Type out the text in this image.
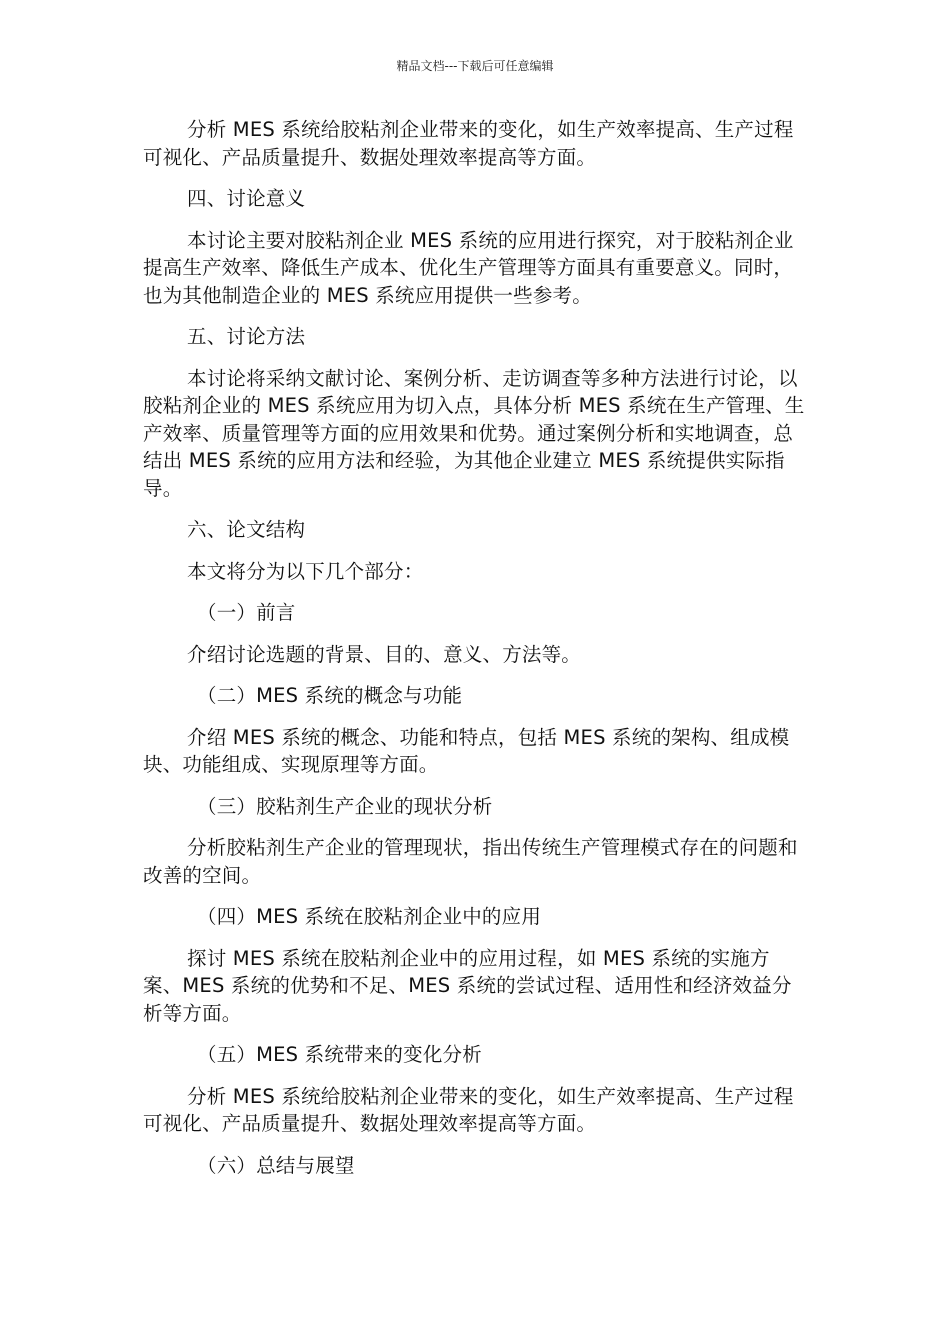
精品文档---下载后可任意编辑

分析 MES 系统给胶粘剂企业带来的变化，如生产效率提高、生产过程可视化、产品质量提升、数据处理效率提高等方面。

四、讨论意义

本讨论主要对胶粘剂企业 MES 系统的应用进行探究，对于胶粘剂企业提高生产效率、降低生产成本、优化生产管理等方面具有重要意义。同时，也为其他制造企业的 MES 系统应用提供一些参考。

五、讨论方法

本讨论将采纳文献讨论、案例分析、走访调查等多种方法进行讨论，以胶粘剂企业的 MES 系统应用为切入点，具体分析 MES 系统在生产管理、生产效率、质量管理等方面的应用效果和优势。通过案例分析和实地调查，总结出 MES 系统的应用方法和经验，为其他企业建立 MES 系统提供实际指导。

六、论文结构

本文将分为以下几个部分：

（一）前言

介绍讨论选题的背景、目的、意义、方法等。

（二）MES 系统的概念与功能

介绍 MES 系统的概念、功能和特点，包括 MES 系统的架构、组成模块、功能组成、实现原理等方面。

（三）胶粘剂生产企业的现状分析

分析胶粘剂生产企业的管理现状，指出传统生产管理模式存在的问题和改善的空间。

（四）MES 系统在胶粘剂企业中的应用

探讨 MES 系统在胶粘剂企业中的应用过程，如 MES 系统的实施方案、MES 系统的优势和不足、MES 系统的尝试过程、适用性和经济效益分析等方面。

（五）MES 系统带来的变化分析

分析 MES 系统给胶粘剂企业带来的变化，如生产效率提高、生产过程可视化、产品质量提升、数据处理效率提高等方面。

（六）总结与展望
